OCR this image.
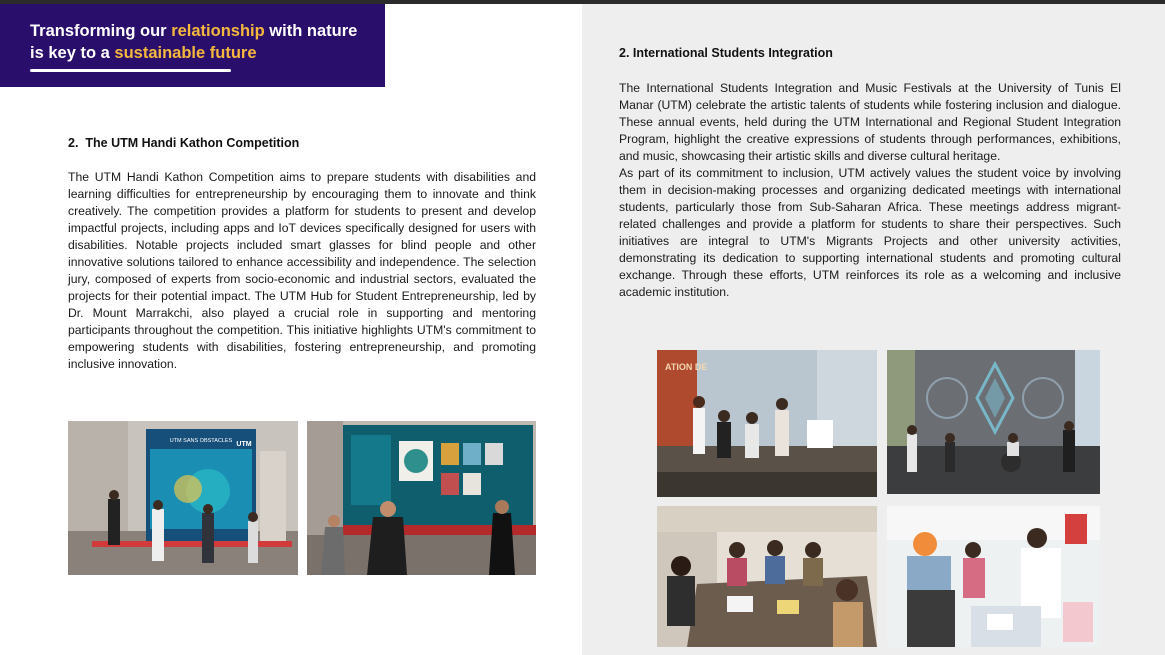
Transforming our relationship with nature
is key to a sustainable future
2. The UTM Handi Kathon Competition

The UTM Handi Kathon Competition aims to prepare students with disabilities and learning difficulties for entrepreneurship by encouraging them to innovate and think creatively. The competition provides a platform for students to present and develop impactful projects, including apps and IoT devices specifically designed for users with disabilities. Notable projects included smart glasses for blind people and other innovative solutions tailored to enhance accessibility and independence. The selection jury, composed of experts from socio-economic and industrial sectors, evaluated the projects for their potential impact. The UTM Hub for Student Entrepreneurship, led by Dr. Mount Marrakchi, also played a crucial role in supporting and mentoring participants throughout the competition. This initiative highlights UTM's commitment to empowering students with disabilities, fostering entrepreneurship, and promoting inclusive innovation.

UTM SANS OBSTACLES UTM
2. International Students Integration

The International Students Integration and Music Festivals at the University of Tunis El Manar (UTM) celebrate the artistic talents of students while fostering inclusion and dialogue. These annual events, held during the UTM International and Regional Student Integration Program, highlight the creative expressions of students through performances, exhibitions, and music, showcasing their artistic skills and diverse cultural heritage.

As part of its commitment to inclusion, UTM actively values the student voice by involving them in decision-making processes and organizing dedicated meetings with international students, particularly those from Sub-Saharan Africa. These meetings address migrant-related challenges and provide a platform for students to share their perspectives. Such initiatives are integral to UTM's Migrants Projects and other university activities, demonstrating its dedication to supporting international students and promoting cultural exchange. Through these efforts, UTM reinforces its role as a welcoming and inclusive academic institution.

ATION DE
